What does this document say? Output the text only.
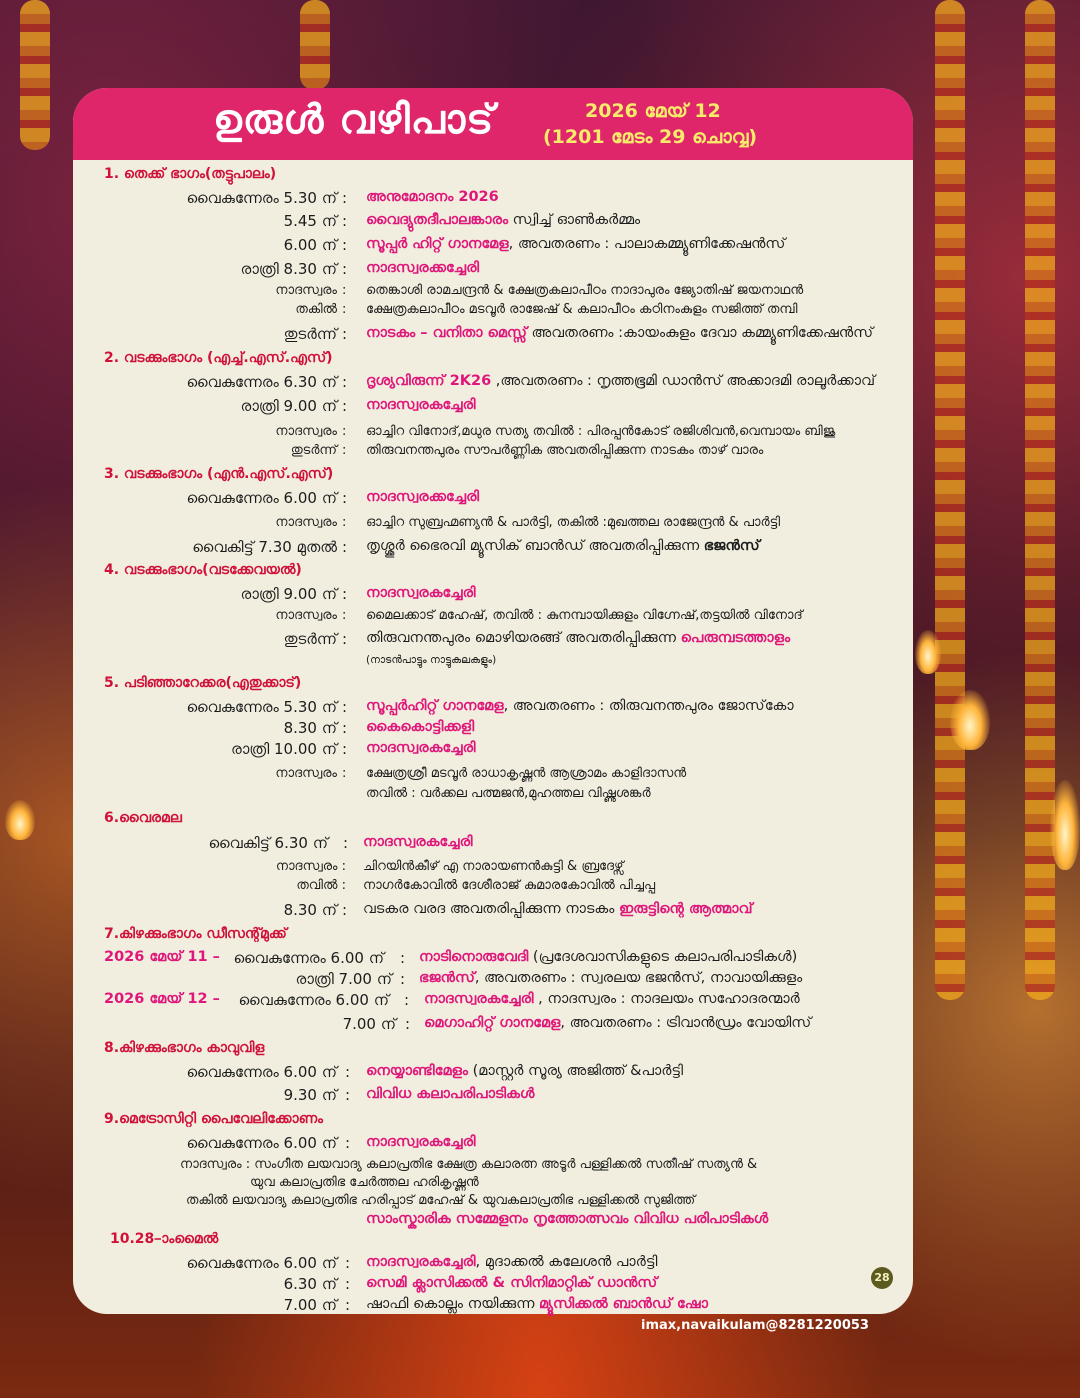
ഉരുൾ വഴിപാട്	2026 മേയ് 12
(1201 മേടം 29 ചൊവ്വ)
1. തെക്ക് ഭാഗം(തട്ടുപാലം)
വൈകുന്നേരം 5.30 ന് : അനുമോദനം 2026
5.45 ന് : വൈദ്യുതദീപാലങ്കാരം സ്വിച്ച് ഓൺകർമ്മം
6.00 ന് : സൂപ്പർ ഹിറ്റ് ഗാനമേള, അവതരണം : പാലാകമ്മ്യൂണിക്കേഷൻസ്
രാത്രി 8.30 ന് : നാദസ്വരക്കച്ചേരി
നാദസ്വരം : തെങ്കാശി രാമചന്ദ്രൻ & ക്ഷേത്രകലാപീഠം നാദാപുരം ജ്യോതിഷ് ജയനാഥൻ
തകിൽ : ക്ഷേത്രകലാപീഠം മടവൂർ രാജേഷ് & കലാപീഠം കഠിനംകുളം സജിത്ത് തമ്പി
തുടർന്ന് : നാടകം – വനിതാ മെസ്സ് അവതരണം :കായംകുളം ദേവാ കമ്മ്യൂണിക്കേഷൻസ്
2. വടക്കുംഭാഗം (എച്ച്.എസ്.എസ്)
വൈകുന്നേരം 6.30 ന് : ദൃശ്യവിരുന്ന് 2K26 ,അവതരണം : നൃത്തഭൂമി ഡാൻസ് അക്കാദമി രാലൂർക്കാവ്
രാത്രി 9.00 ന് : നാദസ്വരകച്ചേരി
നാദസ്വരം : ഓച്ചിറ വിനോദ്,മധുര സത്യ തവിൽ : പിരപ്പൻകോട് രജിശിവൻ,വെമ്പായം ബിജു
തുടർന്ന് : തിരുവനന്തപുരം സൗപർണ്ണിക അവതരിപ്പിക്കുന്ന നാടകം താഴ് വാരം
3. വടക്കുംഭാഗം (എൻ.എസ്.എസ്)
വൈകുന്നേരം 6.00 ന് : നാദസ്വരക്കച്ചേരി
നാദസ്വരം : ഓച്ചിറ സുബ്രഹ്മണ്യൻ & പാർട്ടി, തകിൽ :മുഖത്തല രാജേന്ദ്രൻ & പാർട്ടി
വൈകിട്ട് 7.30 മുതൽ : തൃശ്ശൂർ ഭൈരവി മ്യൂസിക് ബാൻഡ് അവതരിപ്പിക്കുന്ന ഭജൻസ്
4. വടക്കുംഭാഗം(വടക്കേവയൽ)
രാത്രി 9.00 ന് : നാദസ്വരകച്ചേരി
നാദസ്വരം : മൈലക്കാട് മഹേഷ്, തവിൽ : കുനമ്പായിക്കുളം വിഗ്നേഷ്,തട്ടയിൽ വിനോദ്
തുടർന്ന് : തിരുവനന്തപുരം മൊഴിയരങ്ങ് അവതരിപ്പിക്കുന്ന പെരുമ്പടത്താളം
(നാടൻപാട്ടും നാട്ടുകലകളും)
5. പടിഞ്ഞാറേക്കര(എതുക്കാട്)
വൈകുന്നേരം 5.30 ന് : സൂപ്പർഹിറ്റ് ഗാനമേള, അവതരണം : തിരുവനന്തപുരം ജോസ്‌കോ
8.30 ന് : കൈകൊട്ടിക്കളി
രാത്രി 10.00 ന് : നാദസ്വരകച്ചേരി
നാദസ്വരം : ക്ഷേത്രശ്രീ മടവൂർ രാധാകൃഷ്ണൻ ആശ്രാമം കാളിദാസൻ
തവിൽ : വർക്കല പത്മജൻ,മുഹത്തല വിഷ്ണുശങ്കർ
6.വൈരമല
വൈകിട്ട് 6.30 ന് : നാദസ്വരകച്ചേരി
നാദസ്വരം : ചിറയിൻകീഴ് എ നാരായണൻകുട്ടി & ബ്രദേഴ്സ്
തവിൽ : നാഗർകോവിൽ ദേശീരാജ് കുമാരകോവിൽ പിച്ചപ്പ
8.30 ന് : വടകര വരദ അവതരിപ്പിക്കുന്ന നാടകം ഇരുട്ടിന്റെ ആത്മാവ്
7.കിഴക്കുംഭാഗം ഡീസന്റ്മുക്ക്
2026 മേയ് 11 – വൈകുന്നേരം 6.00 ന് : നാടിനൊരുവേദി (പ്രദേശവാസികളുടെ കലാപരിപാടികൾ)
രാത്രി 7.00 ന് : ഭജൻസ്, അവതരണം : സ്വരലയ ഭജൻസ്, നാവായിക്കുളം
2026 മേയ് 12 –	വൈകുന്നേരം 6.00 ന് : നാദസ്വരകച്ചേരി , നാദസ്വരം : നാദലയം സഹോദരന്മാർ
7.00 ന് : മെഗാഹിറ്റ് ഗാനമേള, അവതരണം : ട്രിവാൻഡ്രം വോയിസ്
8.കിഴക്കുംഭാഗം കാവുവിള
വൈകുന്നേരം 6.00 ന് : നെയ്യാണ്ടിമേളം (മാസ്റ്റർ സൂര്യ അജിത്ത് &പാർട്ടി
9.30 ന് : വിവിധ കലാപരിപാടികൾ
9.മെട്രോസിറ്റി പൈവേലിക്കോണം
വൈകുന്നേരം 6.00 ന് : നാദസ്വരകച്ചേരി
നാദസ്വരം : സംഗീത ലയവാദ്യ കലാപ്രതിഭ ക്ഷേത്ര കലാരത്ന അടൂർ പള്ളിക്കൽ സതീഷ് സത്യൻ &
യുവ കലാപ്രതിഭ ചേർത്തല ഹരികൃഷ്ണൻ
തകിൽ ലയവാദ്യ കലാപ്രതിഭ ഹരിപ്പാട് മഹേഷ് & യുവകലാപ്രതിഭ പള്ളിക്കൽ സുജിത്ത്
സാംസ്കാരിക സമ്മേളനം നൃത്തോത്സവം വിവിധ പരിപാടികൾ
10.28–ാംമൈൽ
വൈകുന്നേരം 6.00 ന് : നാദസ്വരകച്ചേരി, മുദാക്കൽ കലേശൻ പാർട്ടി
6.30 ന് : സെമി ക്ലാസിക്കൽ & സിനിമാറ്റിക് ഡാൻസ്
7.00 ന് : ഷാഫി കൊല്ലം നയിക്കുന്ന മ്യൂസിക്കൽ ബാൻഡ് ഷോ
28
imax,navaikulam@8281220053
